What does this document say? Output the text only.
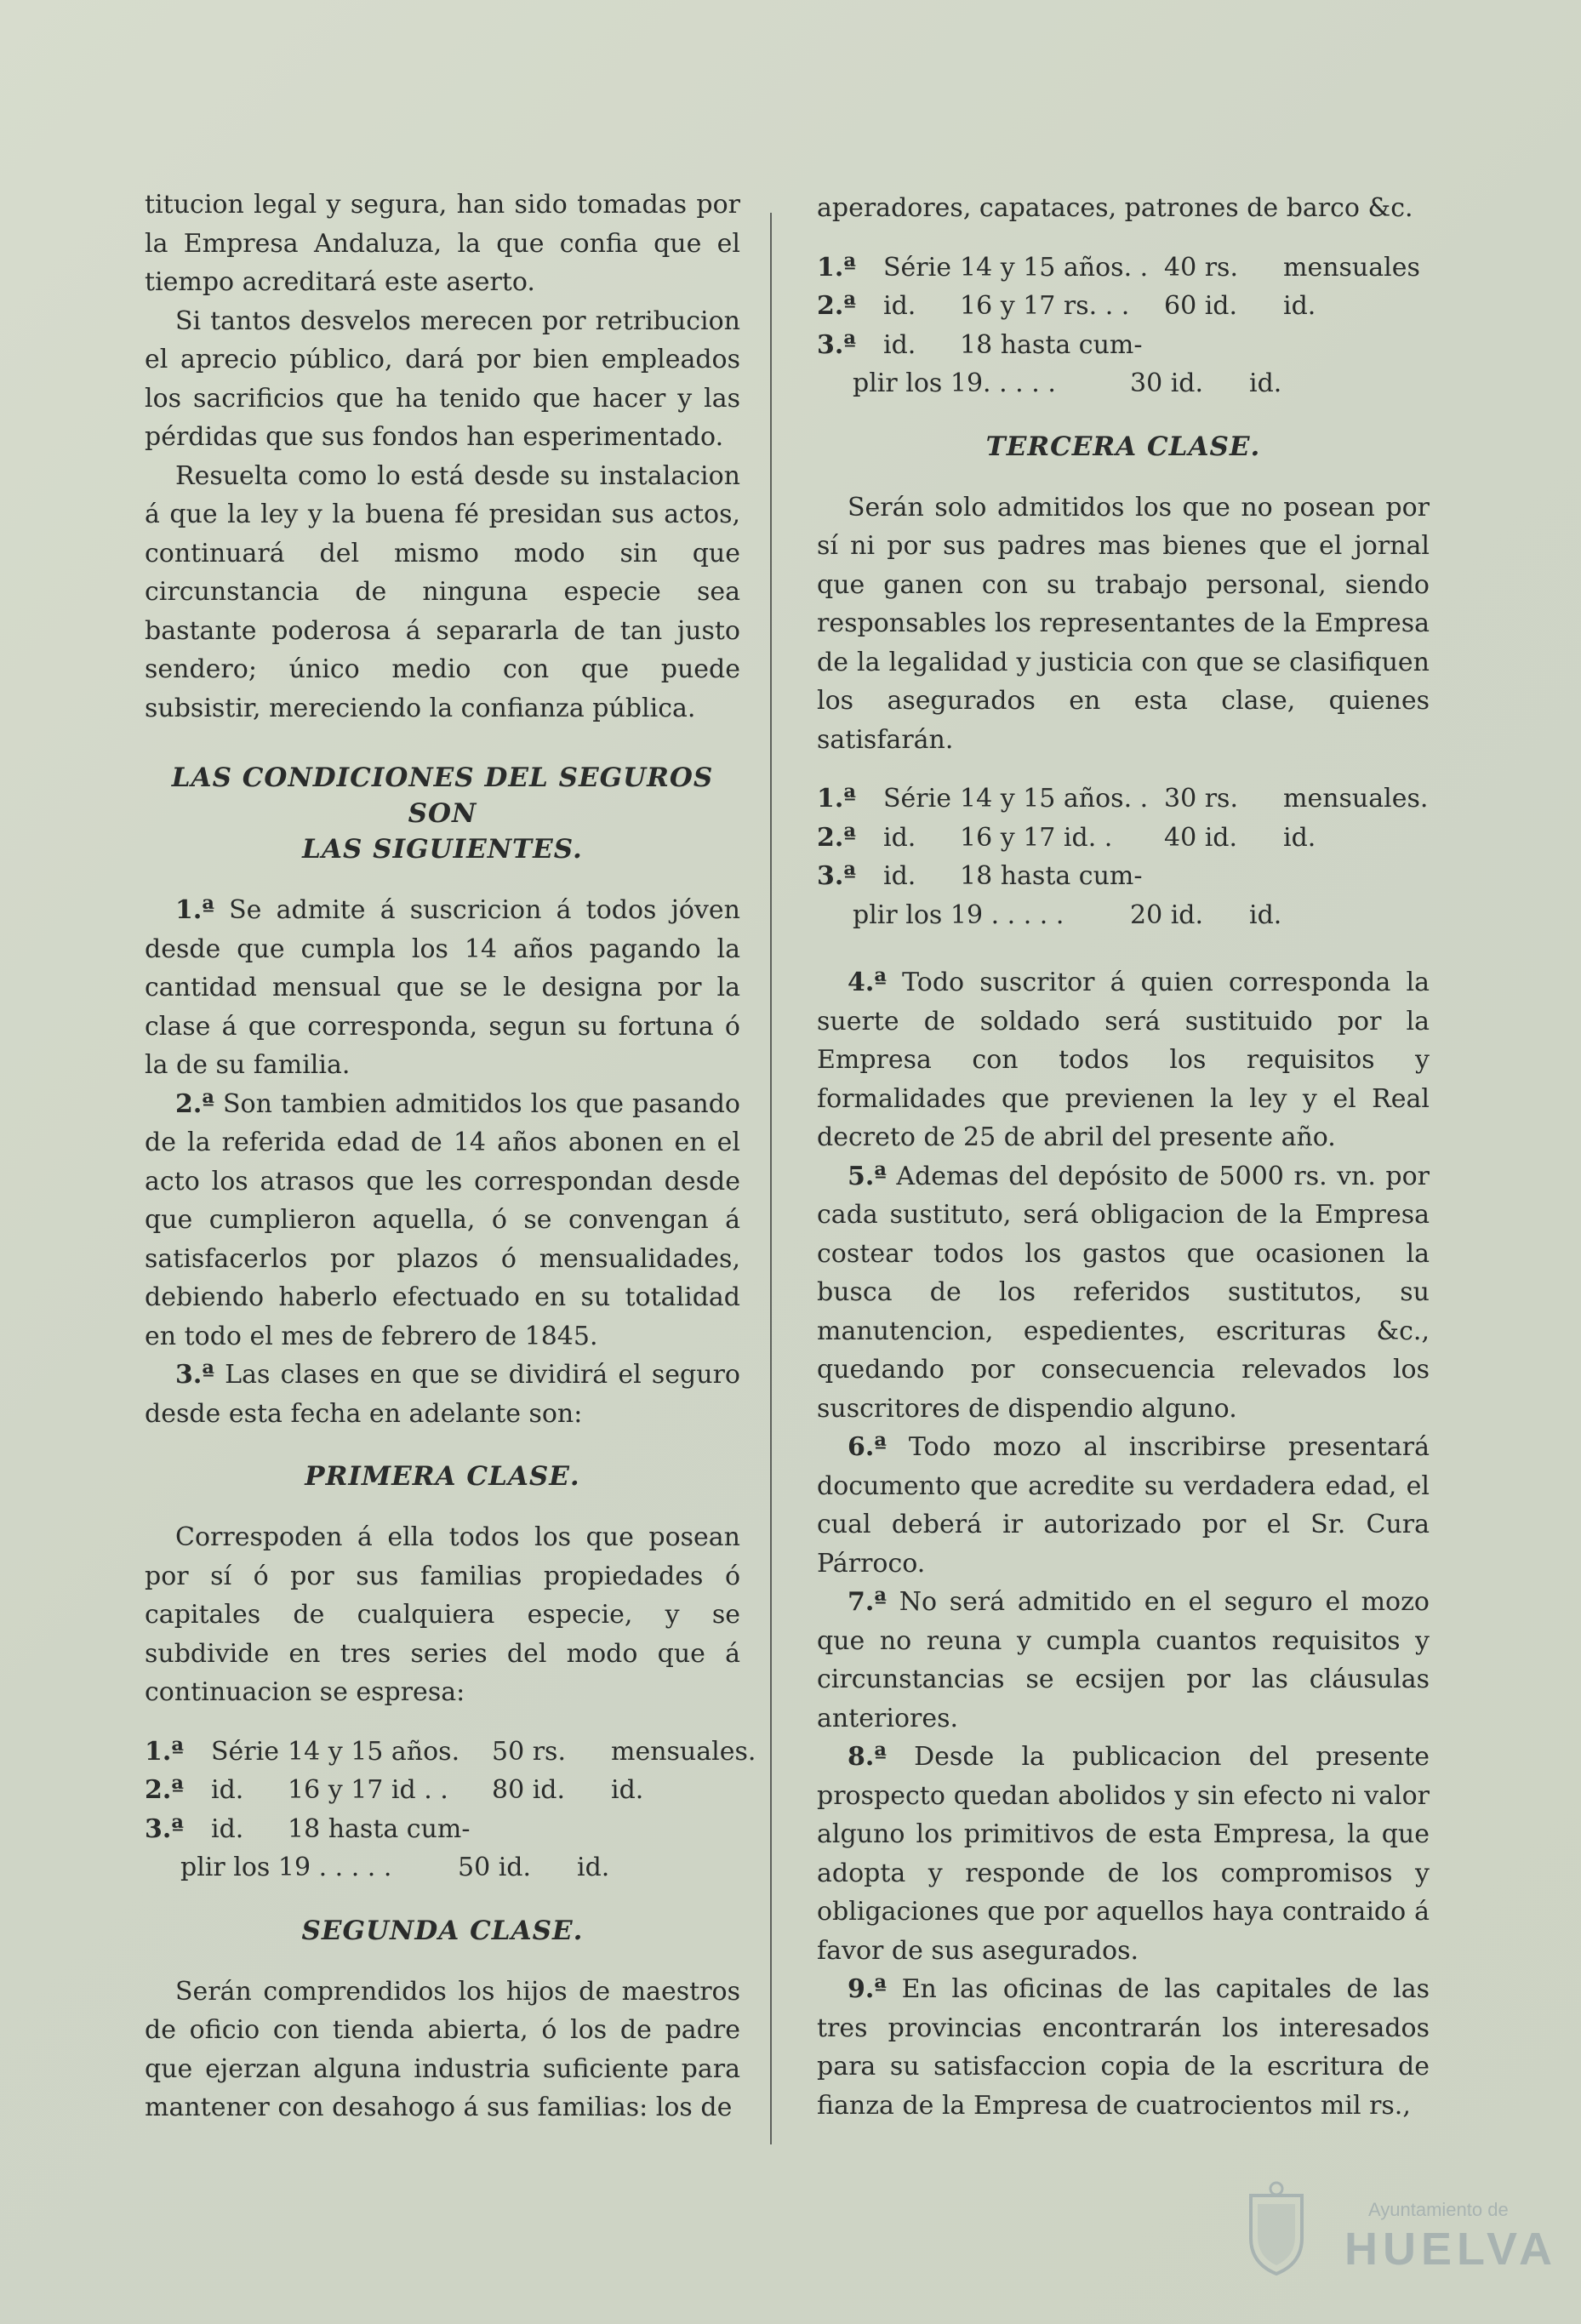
titucion legal y segura, han sido tomadas por la Empresa Andaluza, la que confia que el tiempo acreditará este aserto.

Si tantos desvelos merecen por retribucion el aprecio público, dará por bien empleados los sacrificios que ha tenido que hacer y las pérdidas que sus fondos han esperimentado.

Resuelta como lo está desde su instalacion á que la ley y la buena fé presidan sus actos, continuará del mismo modo sin que circunstancia de ninguna especie sea bastante poderosa á separarla de tan justo sendero; único medio con que puede subsistir, mereciendo la confianza pública.

LAS CONDICIONES DEL SEGUROS SON
LAS SIGUIENTES.

1.ª Se admite á suscricion á todos jóven desde que cumpla los 14 años pagando la cantidad mensual que se le designa por la clase á que corresponda, segun su fortuna ó la de su familia.

2.ª Son tambien admitidos los que pasando de la referida edad de 14 años abonen en el acto los atrasos que les correspondan desde que cumplieron aquella, ó se convengan á satisfacerlos por plazos ó mensualidades, debiendo haberlo efectuado en su totalidad en todo el mes de febrero de 1845.

3.ª Las clases en que se dividirá el seguro desde esta fecha en adelante son:

PRIMERA CLASE.

Correspoden á ella todos los que posean por sí ó por sus familias propiedades ó capitales de cualquiera especie, y se subdivide en tres series del modo que á continuacion se espresa:

1.ª	Série 14 y 15 años.	50 rs.	mensuales.
2.ª	id.	16 y 17 id . .	80 id.	id.
3.ª	id.	18 hasta cum-
plir los 19 . . . . .	50 id.	id.
SEGUNDA CLASE.

Serán comprendidos los hijos de maestros de oficio con tienda abierta, ó los de padre que ejerzan alguna industria suficiente para mantener con desahogo á sus familias: los de

aperadores, capataces, patrones de barco &c.

1.ª	Série 14 y 15 años. . 40 rs.	mensuales
2.ª	id.	16 y 17 rs. . .	60 id.	id.
3.ª	id.	18 hasta cum-
plir los 19. . . . .	30 id.	id.
TERCERA CLASE.

Serán solo admitidos los que no posean por sí ni por sus padres mas bienes que el jornal que ganen con su trabajo personal, siendo responsables los representantes de la Empresa de la legalidad y justicia con que se clasifiquen los asegurados en esta clase, quienes satisfarán.

1.ª	Série 14 y 15 años. . 30 rs.	mensuales.
2.ª	id.	16 y 17 id. .	40 id.	id.
3.ª	id.	18 hasta cum-
plir los 19 . . . . .	20 id.	id.

4.ª Todo suscritor á quien corresponda la suerte de soldado será sustituido por la Empresa con todos los requisitos y formalidades que previenen la ley y el Real decreto de 25 de abril del presente año.

5.ª Ademas del depósito de 5000 rs. vn. por cada sustituto, será obligacion de la Empresa costear todos los gastos que ocasionen la busca de los referidos sustitutos, su manutencion, espedientes, escrituras &c., quedando por consecuencia relevados los suscritores de dispendio alguno.

6.ª Todo mozo al inscribirse presentará documento que acredite su verdadera edad, el cual deberá ir autorizado por el Sr. Cura Párroco.

7.ª No será admitido en el seguro el mozo que no reuna y cumpla cuantos requisitos y circunstancias se ecsijen por las cláusulas anteriores.

8.ª Desde la publicacion del presente prospecto quedan abolidos y sin efecto ni valor alguno los primitivos de esta Empresa, la que adopta y responde de los compromisos y obligaciones que por aquellos haya contraido á favor de sus asegurados.

9.ª En las oficinas de las capitales de las tres provincias encontrarán los interesados para su satisfaccion copia de la escritura de fianza de la Empresa de cuatrocientos mil rs.,

Ayuntamiento de
HUELVA
